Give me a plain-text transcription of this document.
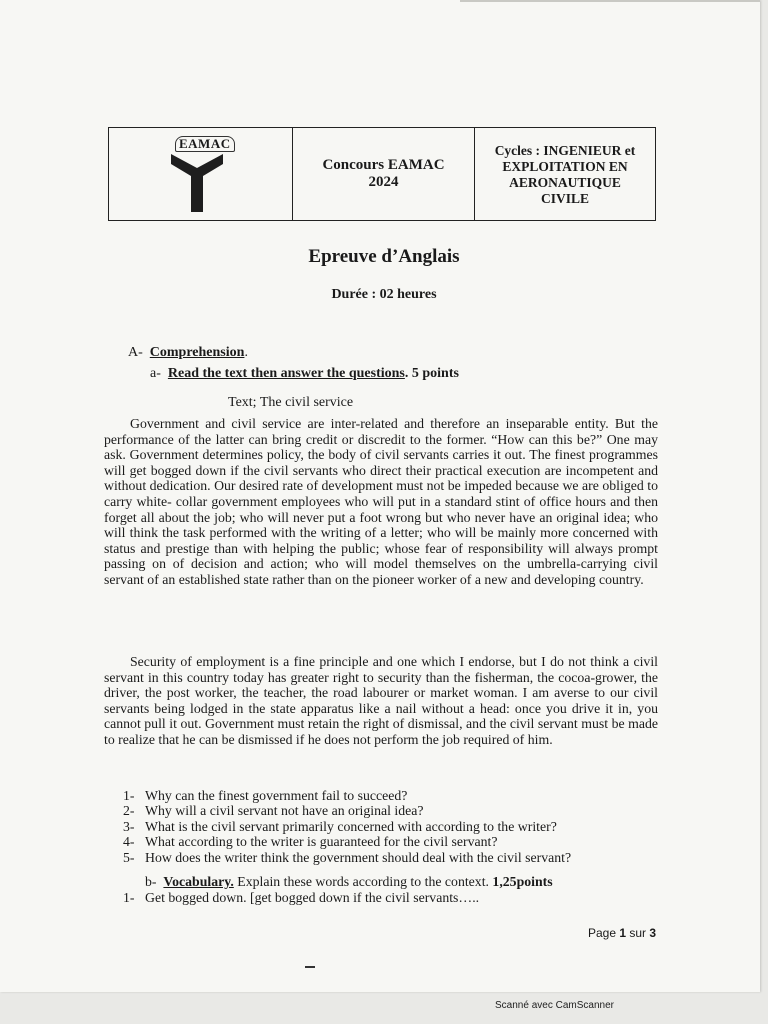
EAMAC
Concours EAMAC
2024
Cycles : INGENIEUR et
EXPLOITATION EN
AERONAUTIQUE
CIVILE
Epreuve d’Anglais
Durée : 02 heures
A- Comprehension.
a- Read the text then answer the questions. 5 points
Text; The civil service
Government and civil service are inter-related and therefore an inseparable entity. But the performance of the latter can bring credit or discredit to the former. “How can this be?” One may ask. Government determines policy, the body of civil servants carries it out. The finest programmes will get bogged down if the civil servants who direct their practical execution are incompetent and without dedication. Our desired rate of development must not be impeded because we are obliged to carry white- collar government employees who will put in a standard stint of office hours and then forget all about the job; who will never put a foot wrong but who never have an original idea; who will think the task performed with the writing of a letter; who will be mainly more concerned with status and prestige than with helping the public; whose fear of responsibility will always prompt passing on of decision and action; who will model themselves on the umbrella-carrying civil servant of an established state rather than on the pioneer worker of a new and developing country.
Security of employment is a fine principle and one which I endorse, but I do not think a civil servant in this country today has greater right to security than the fisherman, the cocoa-grower, the driver, the post worker, the teacher, the road labourer or market woman. I am averse to our civil servants being lodged in the state apparatus like a nail without a head: once you drive it in, you cannot pull it out. Government must retain the right of dismissal, and the civil servant must be made to realize that he can be dismissed if he does not perform the job required of him.
1- Why can the finest government fail to succeed?
2- Why will a civil servant not have an original idea?
3- What is the civil servant primarily concerned with according to the writer?
4- What according to the writer is guaranteed for the civil servant?
5- How does the writer think the government should deal with the civil servant?
b- Vocabulary. Explain these words according to the context. 1,25points
1- Get bogged down. [get bogged down if the civil servants…..
Page 1 sur 3
Scanné avec CamScanner
